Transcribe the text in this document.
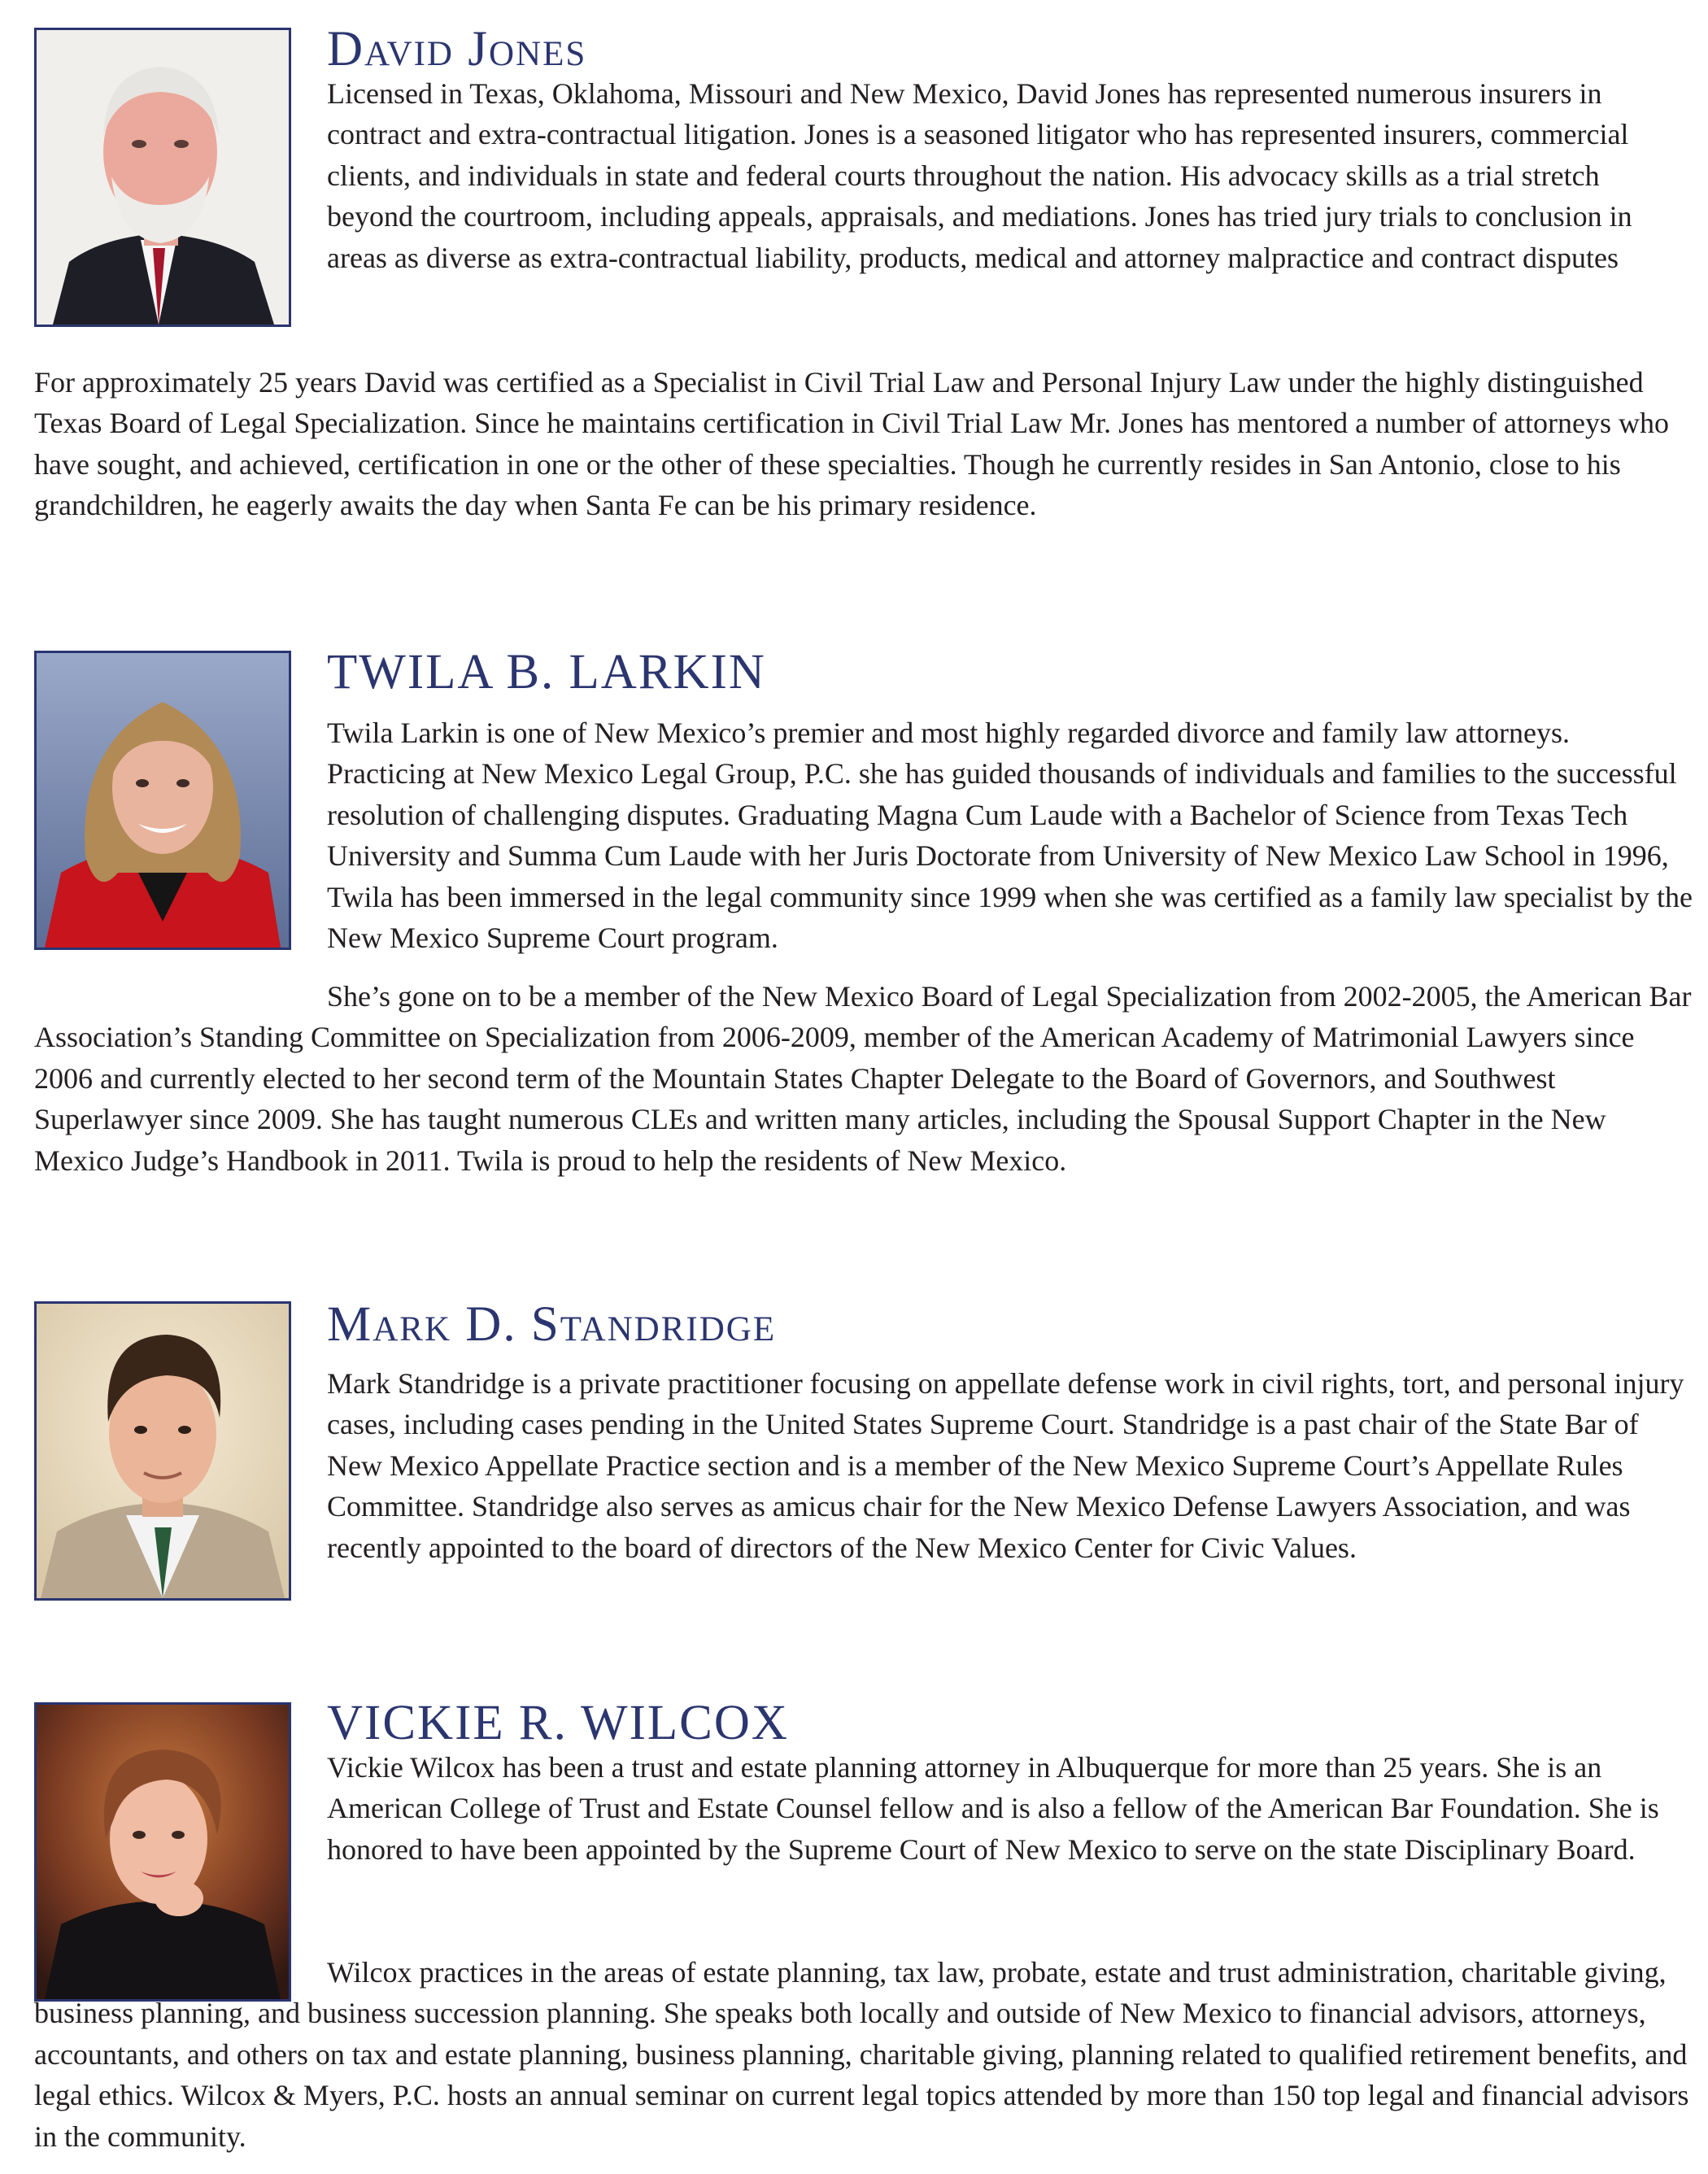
David Jones

Licensed in Texas, Oklahoma, Missouri and New Mexico, David Jones has represented numerous insurers in contract and extra-contractual litigation. Jones is a seasoned litigator who has represented insurers, commercial clients, and individuals in state and federal courts throughout the nation. His advocacy skills as a trial stretch beyond the courtroom, including appeals, appraisals, and mediations. Jones has tried jury trials to conclusion in areas as diverse as extra-contractual liability, products, medical and attorney malpractice and contract disputes

For approximately 25 years David was certified as a Specialist in Civil Trial Law and Personal Injury Law under the highly distinguished Texas Board of Legal Specialization. Since he maintains certification in Civil Trial Law Mr. Jones has mentored a number of attorneys who have sought, and achieved, certification in one or the other of these specialties. Though he currently resides in San Antonio, close to his grandchildren, he eagerly awaits the day when Santa Fe can be his primary residence.

TWILA B. LARKIN

Twila Larkin is one of New Mexico’s premier and most highly regarded divorce and family law attorneys. Practicing at New Mexico Legal Group, P.C. she has guided thousands of individuals and families to the successful resolution of challenging disputes. Graduating Magna Cum Laude with a Bachelor of Science from Texas Tech University and Summa Cum Laude with her Juris Doctorate from University of New Mexico Law School in 1996, Twila has been immersed in the legal community since 1999 when she was certified as a family law specialist by the New Mexico Supreme Court program.

She’s gone on to be a member of the New Mexico Board of Legal Specialization from 2002-2005, the American Bar Association’s Standing Committee on Specialization from 2006-2009, member of the American Academy of Matrimonial Lawyers since 2006 and currently elected to her second term of the Mountain States Chapter Delegate to the Board of Governors, and Southwest Superlawyer since 2009. She has taught numerous CLEs and written many articles, including the Spousal Support Chapter in the New Mexico Judge’s Handbook in 2011. Twila is proud to help the residents of New Mexico.

Mark D. Standridge

Mark Standridge is a private practitioner focusing on appellate defense work in civil rights, tort, and personal injury cases, including cases pending in the United States Supreme Court. Standridge is a past chair of the State Bar of New Mexico Appellate Practice section and is a member of the New Mexico Supreme Court’s Appellate Rules Committee. Standridge also serves as amicus chair for the New Mexico Defense Lawyers Association, and was recently appointed to the board of directors of the New Mexico Center for Civic Values.

VICKIE R. WILCOX

Vickie Wilcox has been a trust and estate planning attorney in Albuquerque for more than 25 years. She is an American College of Trust and Estate Counsel fellow and is also a fellow of the American Bar Foundation. She is honored to have been appointed by the Supreme Court of New Mexico to serve on the state Disciplinary Board.

Wilcox practices in the areas of estate planning, tax law, probate, estate and trust administration, charitable giving, business planning, and business succession planning. She speaks both locally and outside of New Mexico to financial advisors, attorneys, accountants, and others on tax and estate planning, business planning, charitable giving, planning related to qualified retirement benefits, and legal ethics. Wilcox & Myers, P.C. hosts an annual seminar on current legal topics attended by more than 150 top legal and financial advisors in the community.
